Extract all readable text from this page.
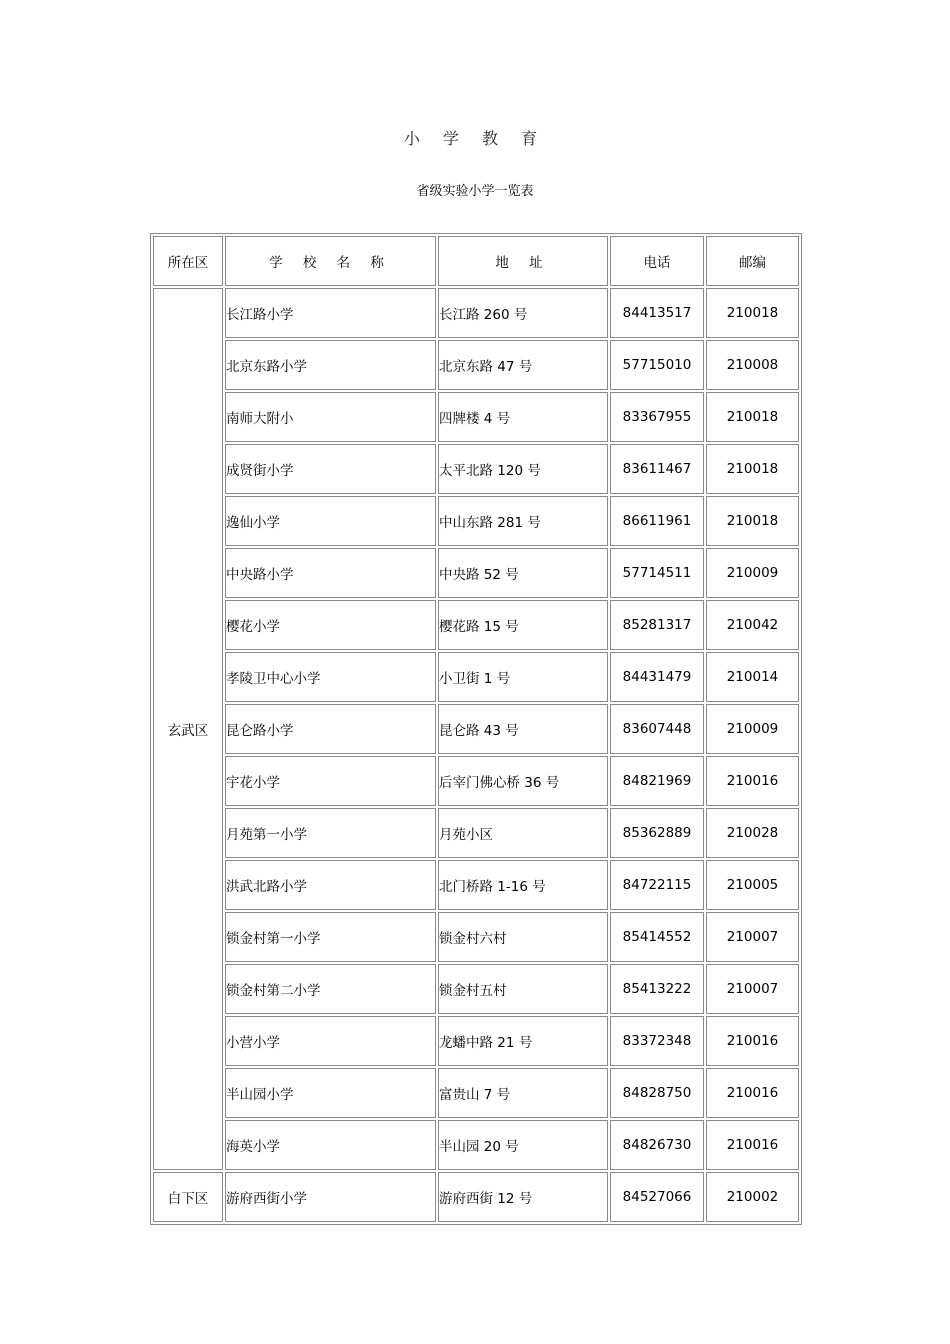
小 学 教 育
省级实验小学一览表
所在区	学 校 名 称	地 址	电话	邮编
玄武区	长江路小学	长江路 260 号	84413517	210018
	北京东路小学	北京东路 47 号	57715010	210008
	南师大附小	四牌楼 4 号	83367955	210018
	成贤街小学	太平北路 120 号	83611467	210018
	逸仙小学	中山东路 281 号	86611961	210018
	中央路小学	中央路 52 号	57714511	210009
	樱花小学	樱花路 15 号	85281317	210042
	孝陵卫中心小学	小卫街 1 号	84431479	210014
	昆仑路小学	昆仑路 43 号	83607448	210009
	宇花小学	后宰门佛心桥 36 号	84821969	210016
	月苑第一小学	月苑小区	85362889	210028
	洪武北路小学	北门桥路 1-16 号	84722115	210005
	锁金村第一小学	锁金村六村	85414552	210007
	锁金村第二小学	锁金村五村	85413222	210007
	小营小学	龙蟠中路 21 号	83372348	210016
	半山园小学	富贵山 7 号	84828750	210016
	海英小学	半山园 20 号	84826730	210016
白下区	游府西街小学	游府西街 12 号	84527066	210002
